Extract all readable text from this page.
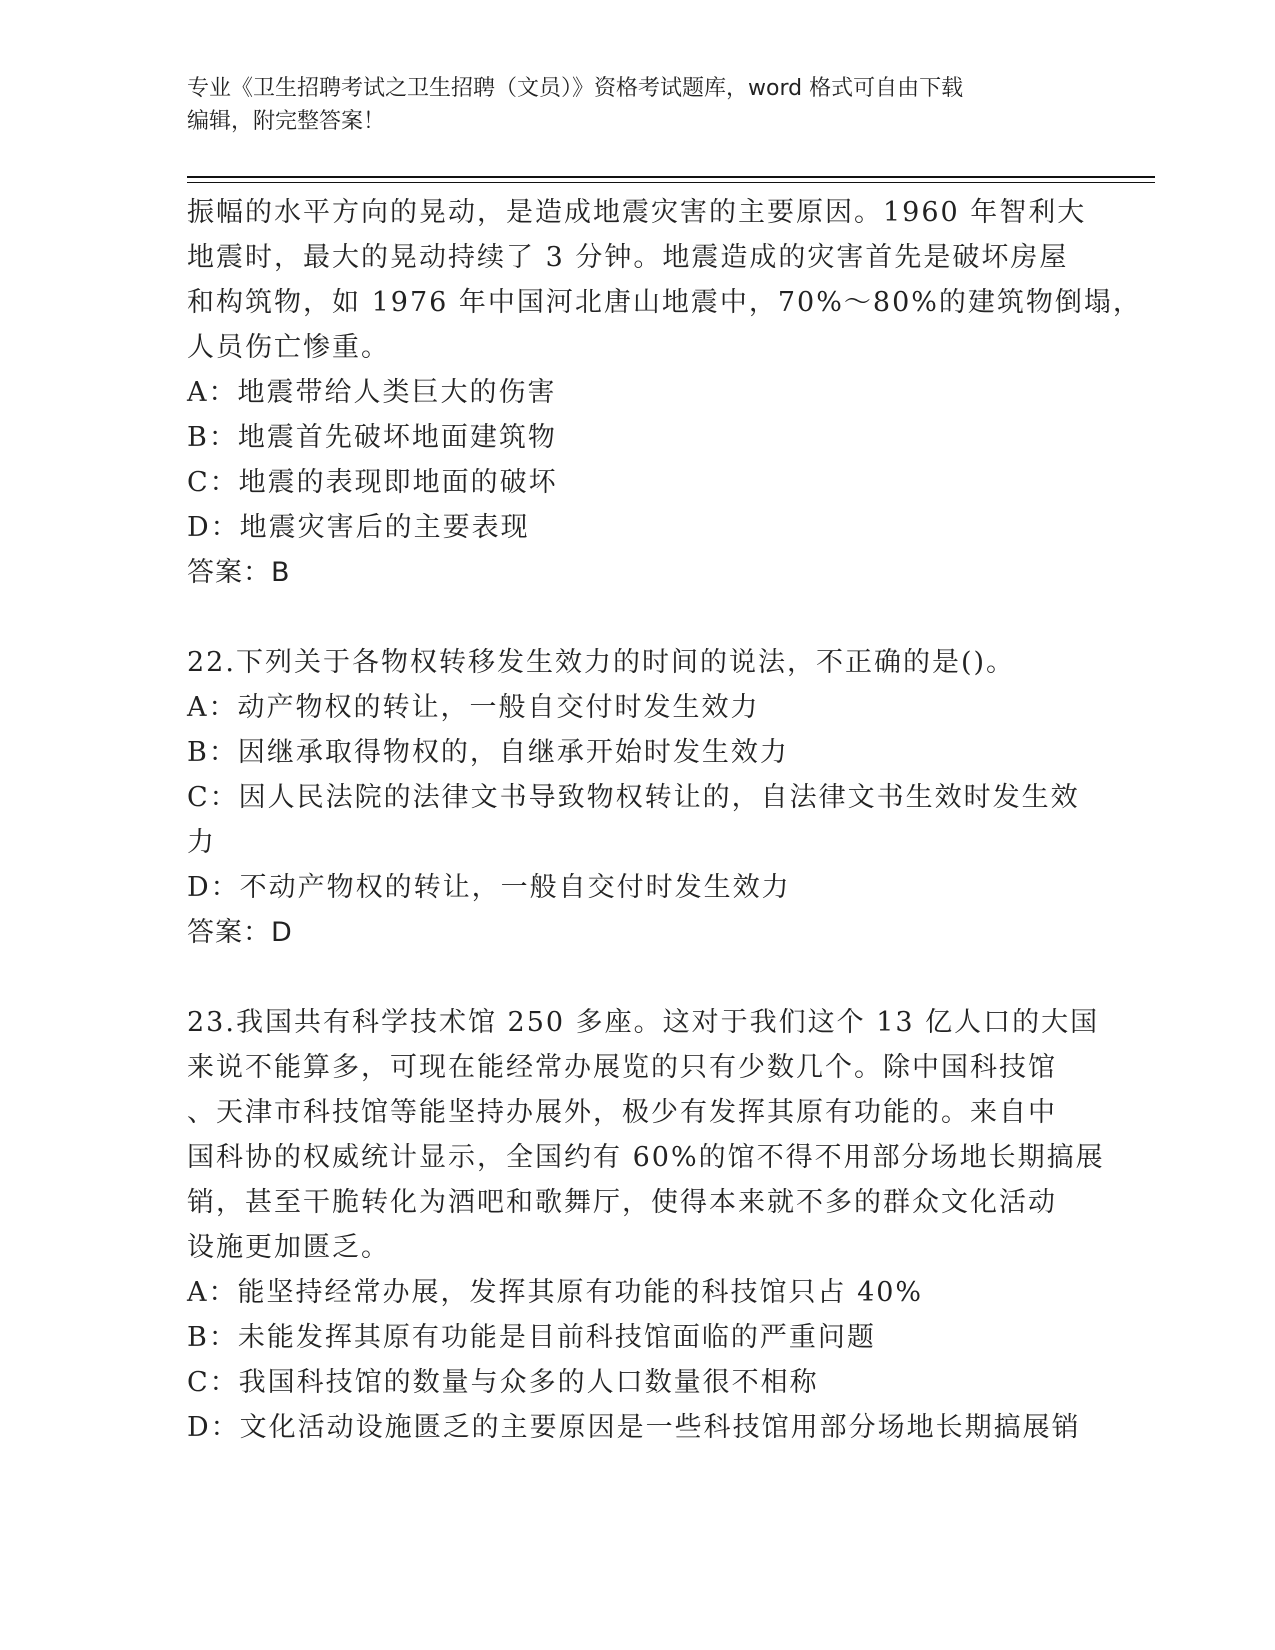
专业《卫生招聘考试之卫生招聘（文员）》资格考试题库，word 格式可自由下载
编辑，附完整答案！

振幅的水平方向的晃动，是造成地震灾害的主要原因。1960 年智利大

地震时，最大的晃动持续了 3 分钟。地震造成的灾害首先是破坏房屋

和构筑物，如 1976 年中国河北唐山地震中，70%～80%的建筑物倒塌，

人员伤亡惨重。

A：地震带给人类巨大的伤害

B：地震首先破坏地面建筑物

C：地震的表现即地面的破坏

D：地震灾害后的主要表现

答案：B

22.下列关于各物权转移发生效力的时间的说法，不正确的是()。

A：动产物权的转让，一般自交付时发生效力

B：因继承取得物权的，自继承开始时发生效力

C：因人民法院的法律文书导致物权转让的，自法律文书生效时发生效

力

D：不动产物权的转让，一般自交付时发生效力

答案：D

23.我国共有科学技术馆 250 多座。这对于我们这个 13 亿人口的大国

来说不能算多，可现在能经常办展览的只有少数几个。除中国科技馆

、天津市科技馆等能坚持办展外，极少有发挥其原有功能的。来自中

国科协的权威统计显示，全国约有 60%的馆不得不用部分场地长期搞展

销，甚至干脆转化为酒吧和歌舞厅，使得本来就不多的群众文化活动

设施更加匮乏。

A：能坚持经常办展，发挥其原有功能的科技馆只占 40%

B：未能发挥其原有功能是目前科技馆面临的严重问题

C：我国科技馆的数量与众多的人口数量很不相称

D：文化活动设施匮乏的主要原因是一些科技馆用部分场地长期搞展销
